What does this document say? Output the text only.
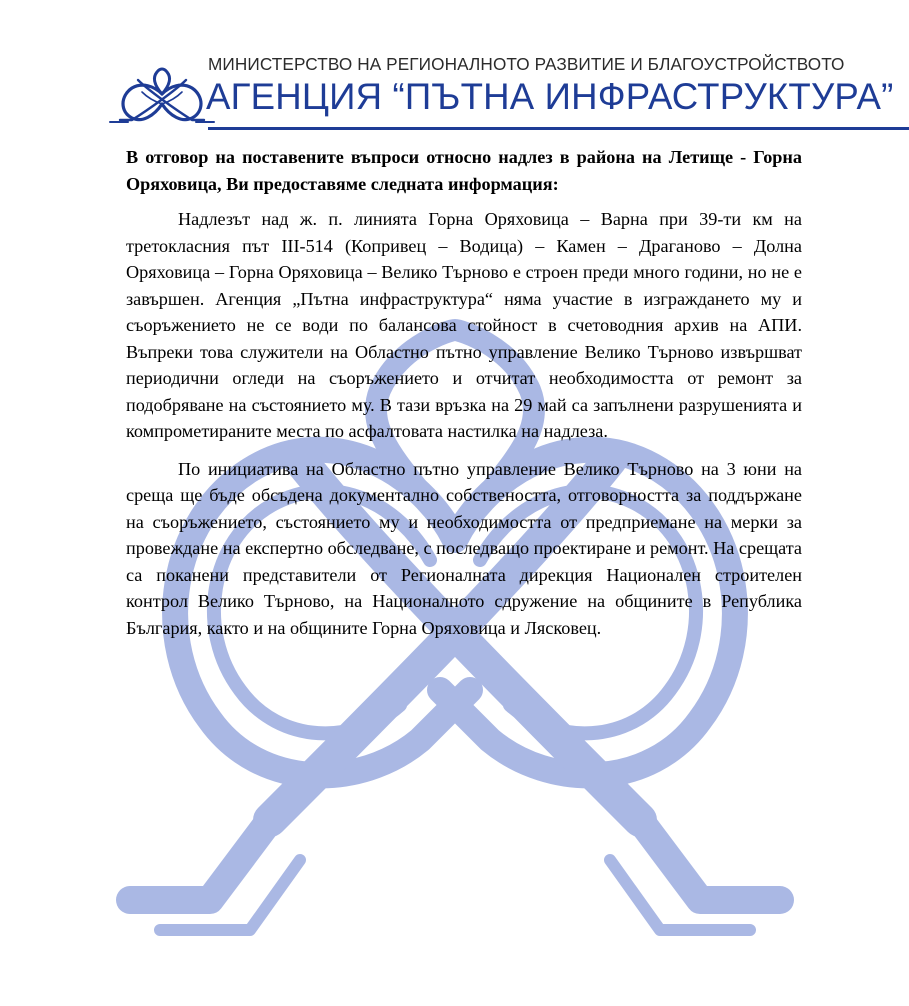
МИНИСТЕРСТВО НА РЕГИОНАЛНОТО РАЗВИТИЕ И БЛАГОУСТРОЙСТВОТО
АГЕНЦИЯ “ПЪТНА ИНФРАСТРУКТУРА”

В отговор на поставените въпроси относно надлез в района на Летище - Горна Оряховица, Ви предоставяме следната информация:

Надлезът над ж. п. линията Горна Оряховица – Варна при 39-ти км на третокласния път III-514 (Копривец – Водица) – Камен – Драганово – Долна Оряховица – Горна Оряховица – Велико Търново е строен преди много години, но не е завършен. Агенция „Пътна инфраструктура“ няма участие в изграждането му и съоръжението не се води по балансова стойност в счетоводния архив на АПИ. Въпреки това служители на Областно пътно управление Велико Търново извършват периодични огледи на съоръжението и отчитат необходимостта от ремонт за подобряване на състоянието му. В тази връзка на 29 май са запълнени разрушенията и компрометираните места по асфалтовата настилка на надлеза.

По инициатива на Областно пътно управление Велико Търново на 3 юни на среща ще бъде обсъдена документално собствеността, отговорността за поддържане на съоръжението, състоянието му и необходимостта от предприемане на мерки за провеждане на експертно обследване, с последващо проектиране и ремонт. На срещата са поканени представители от Регионалната дирекция Национален строителен контрол Велико Търново, на Националното сдружение на общините в Република България, както и на общините Горна Оряховица и Лясковец.
